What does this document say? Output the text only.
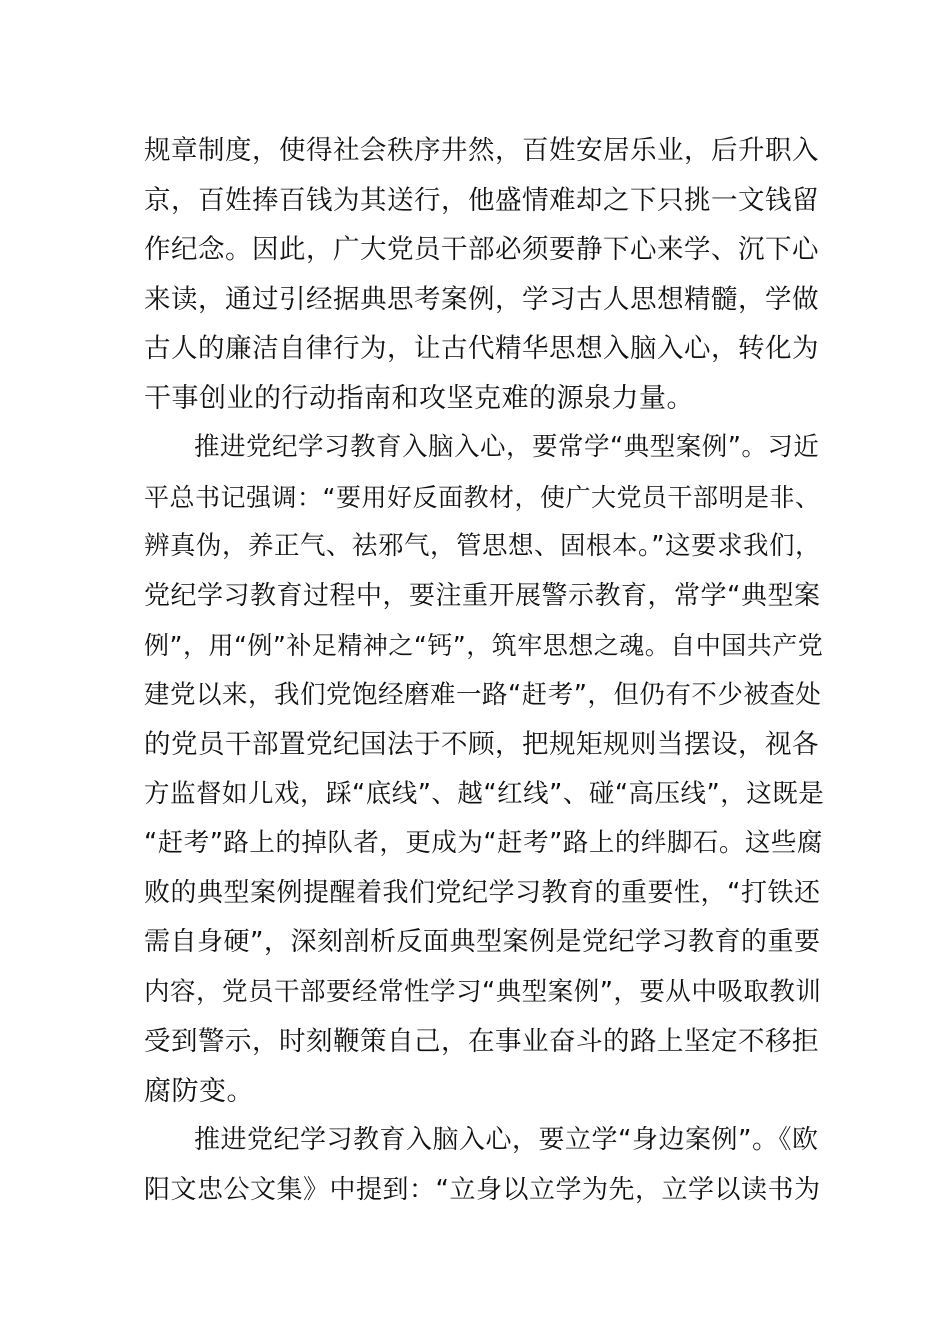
规章制度，使得社会秩序井然，百姓安居乐业，后升职入
京，百姓捧百钱为其送行，他盛情难却之下只挑一文钱留
作纪念。因此，广大党员干部必须要静下心来学、沉下心
来读，通过引经据典思考案例，学习古人思想精髓，学做
古人的廉洁自律行为，让古代精华思想入脑入心，转化为
干事创业的行动指南和攻坚克难的源泉力量。
推进党纪学习教育入脑入心，要常学“典型案例”。习近
平总书记强调：“要用好反面教材，使广大党员干部明是非、
辨真伪，养正气、祛邪气，管思想、固根本。”这要求我们，
党纪学习教育过程中，要注重开展警示教育，常学“典型案
例”，用“例”补足精神之“钙”，筑牢思想之魂。自中国共产党
建党以来，我们党饱经磨难一路“赶考”，但仍有不少被查处
的党员干部置党纪国法于不顾，把规矩规则当摆设，视各
方监督如儿戏，踩“底线”、越“红线”、碰“高压线”，这既是
“赶考”路上的掉队者，更成为“赶考”路上的绊脚石。这些腐
败的典型案例提醒着我们党纪学习教育的重要性，“打铁还
需自身硬”，深刻剖析反面典型案例是党纪学习教育的重要
内容，党员干部要经常性学习“典型案例”，要从中吸取教训
受到警示，时刻鞭策自己，在事业奋斗的路上坚定不移拒
腐防变。
推进党纪学习教育入脑入心，要立学“身边案例”。《欧
阳文忠公文集》中提到：“立身以立学为先，立学以读书为
